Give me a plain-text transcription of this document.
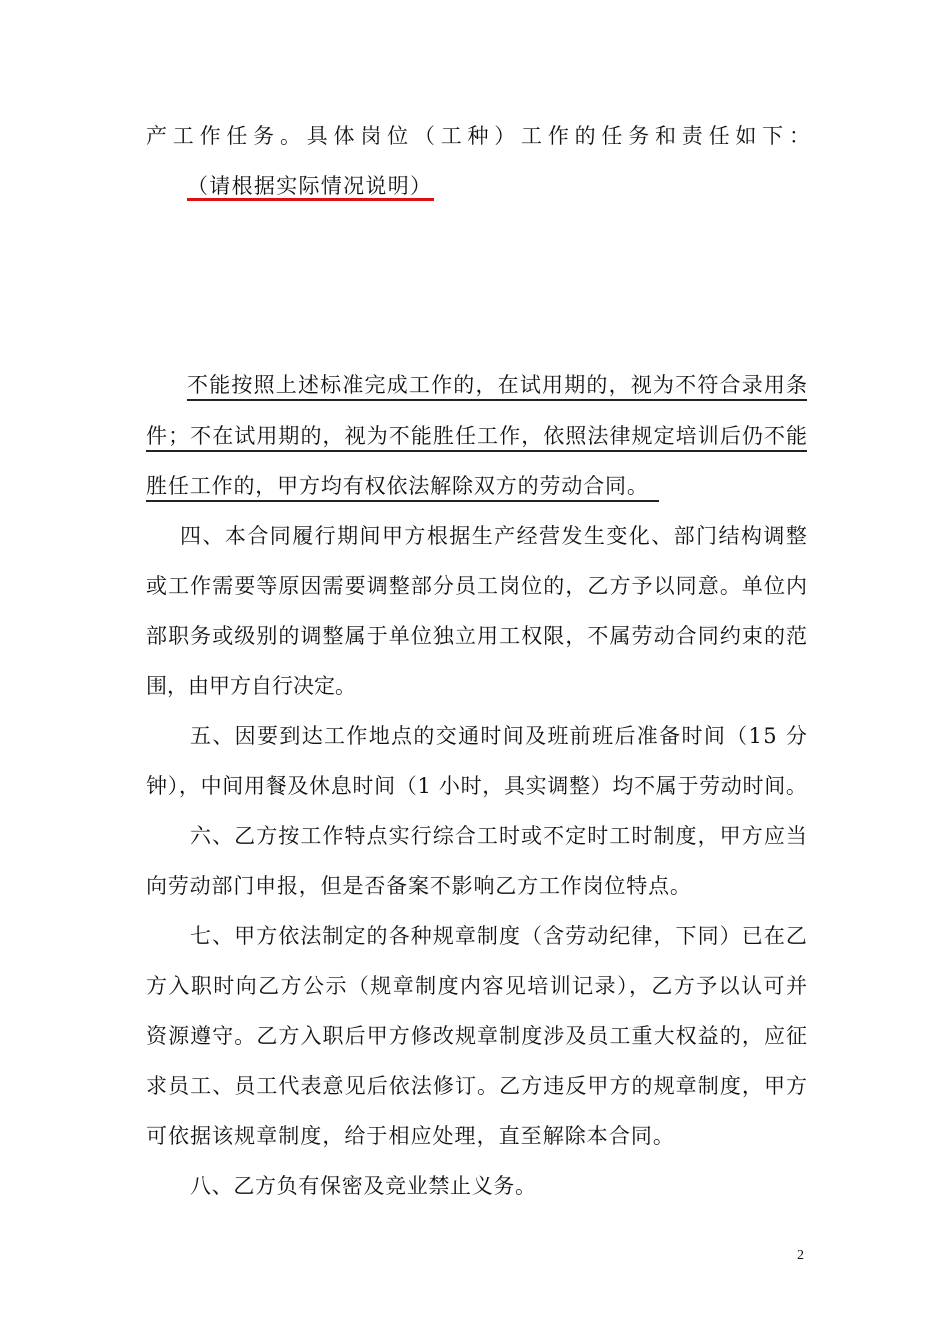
产工作任务。具体岗位（工种）工作的任务和责任如下：
（请根据实际情况说明）
不能按照上述标准完成工作的，在试用期的，视为不符合录用条
件；不在试用期的，视为不能胜任工作，依照法律规定培训后仍不能
胜任工作的，甲方均有权依法解除双方的劳动合同。
四、本合同履行期间甲方根据生产经营发生变化、部门结构调整
或工作需要等原因需要调整部分员工岗位的，乙方予以同意。单位内
部职务或级别的调整属于单位独立用工权限，不属劳动合同约束的范
围，由甲方自行决定。
五、因要到达工作地点的交通时间及班前班后准备时间（15 分
钟），中间用餐及休息时间（1 小时，具实调整）均不属于劳动时间。
六、乙方按工作特点实行综合工时或不定时工时制度，甲方应当
向劳动部门申报，但是否备案不影响乙方工作岗位特点。
七、甲方依法制定的各种规章制度（含劳动纪律，下同）已在乙
方入职时向乙方公示（规章制度内容见培训记录），乙方予以认可并
资源遵守。乙方入职后甲方修改规章制度涉及员工重大权益的，应征
求员工、员工代表意见后依法修订。乙方违反甲方的规章制度，甲方
可依据该规章制度，给于相应处理，直至解除本合同。
八、乙方负有保密及竞业禁止义务。
2
